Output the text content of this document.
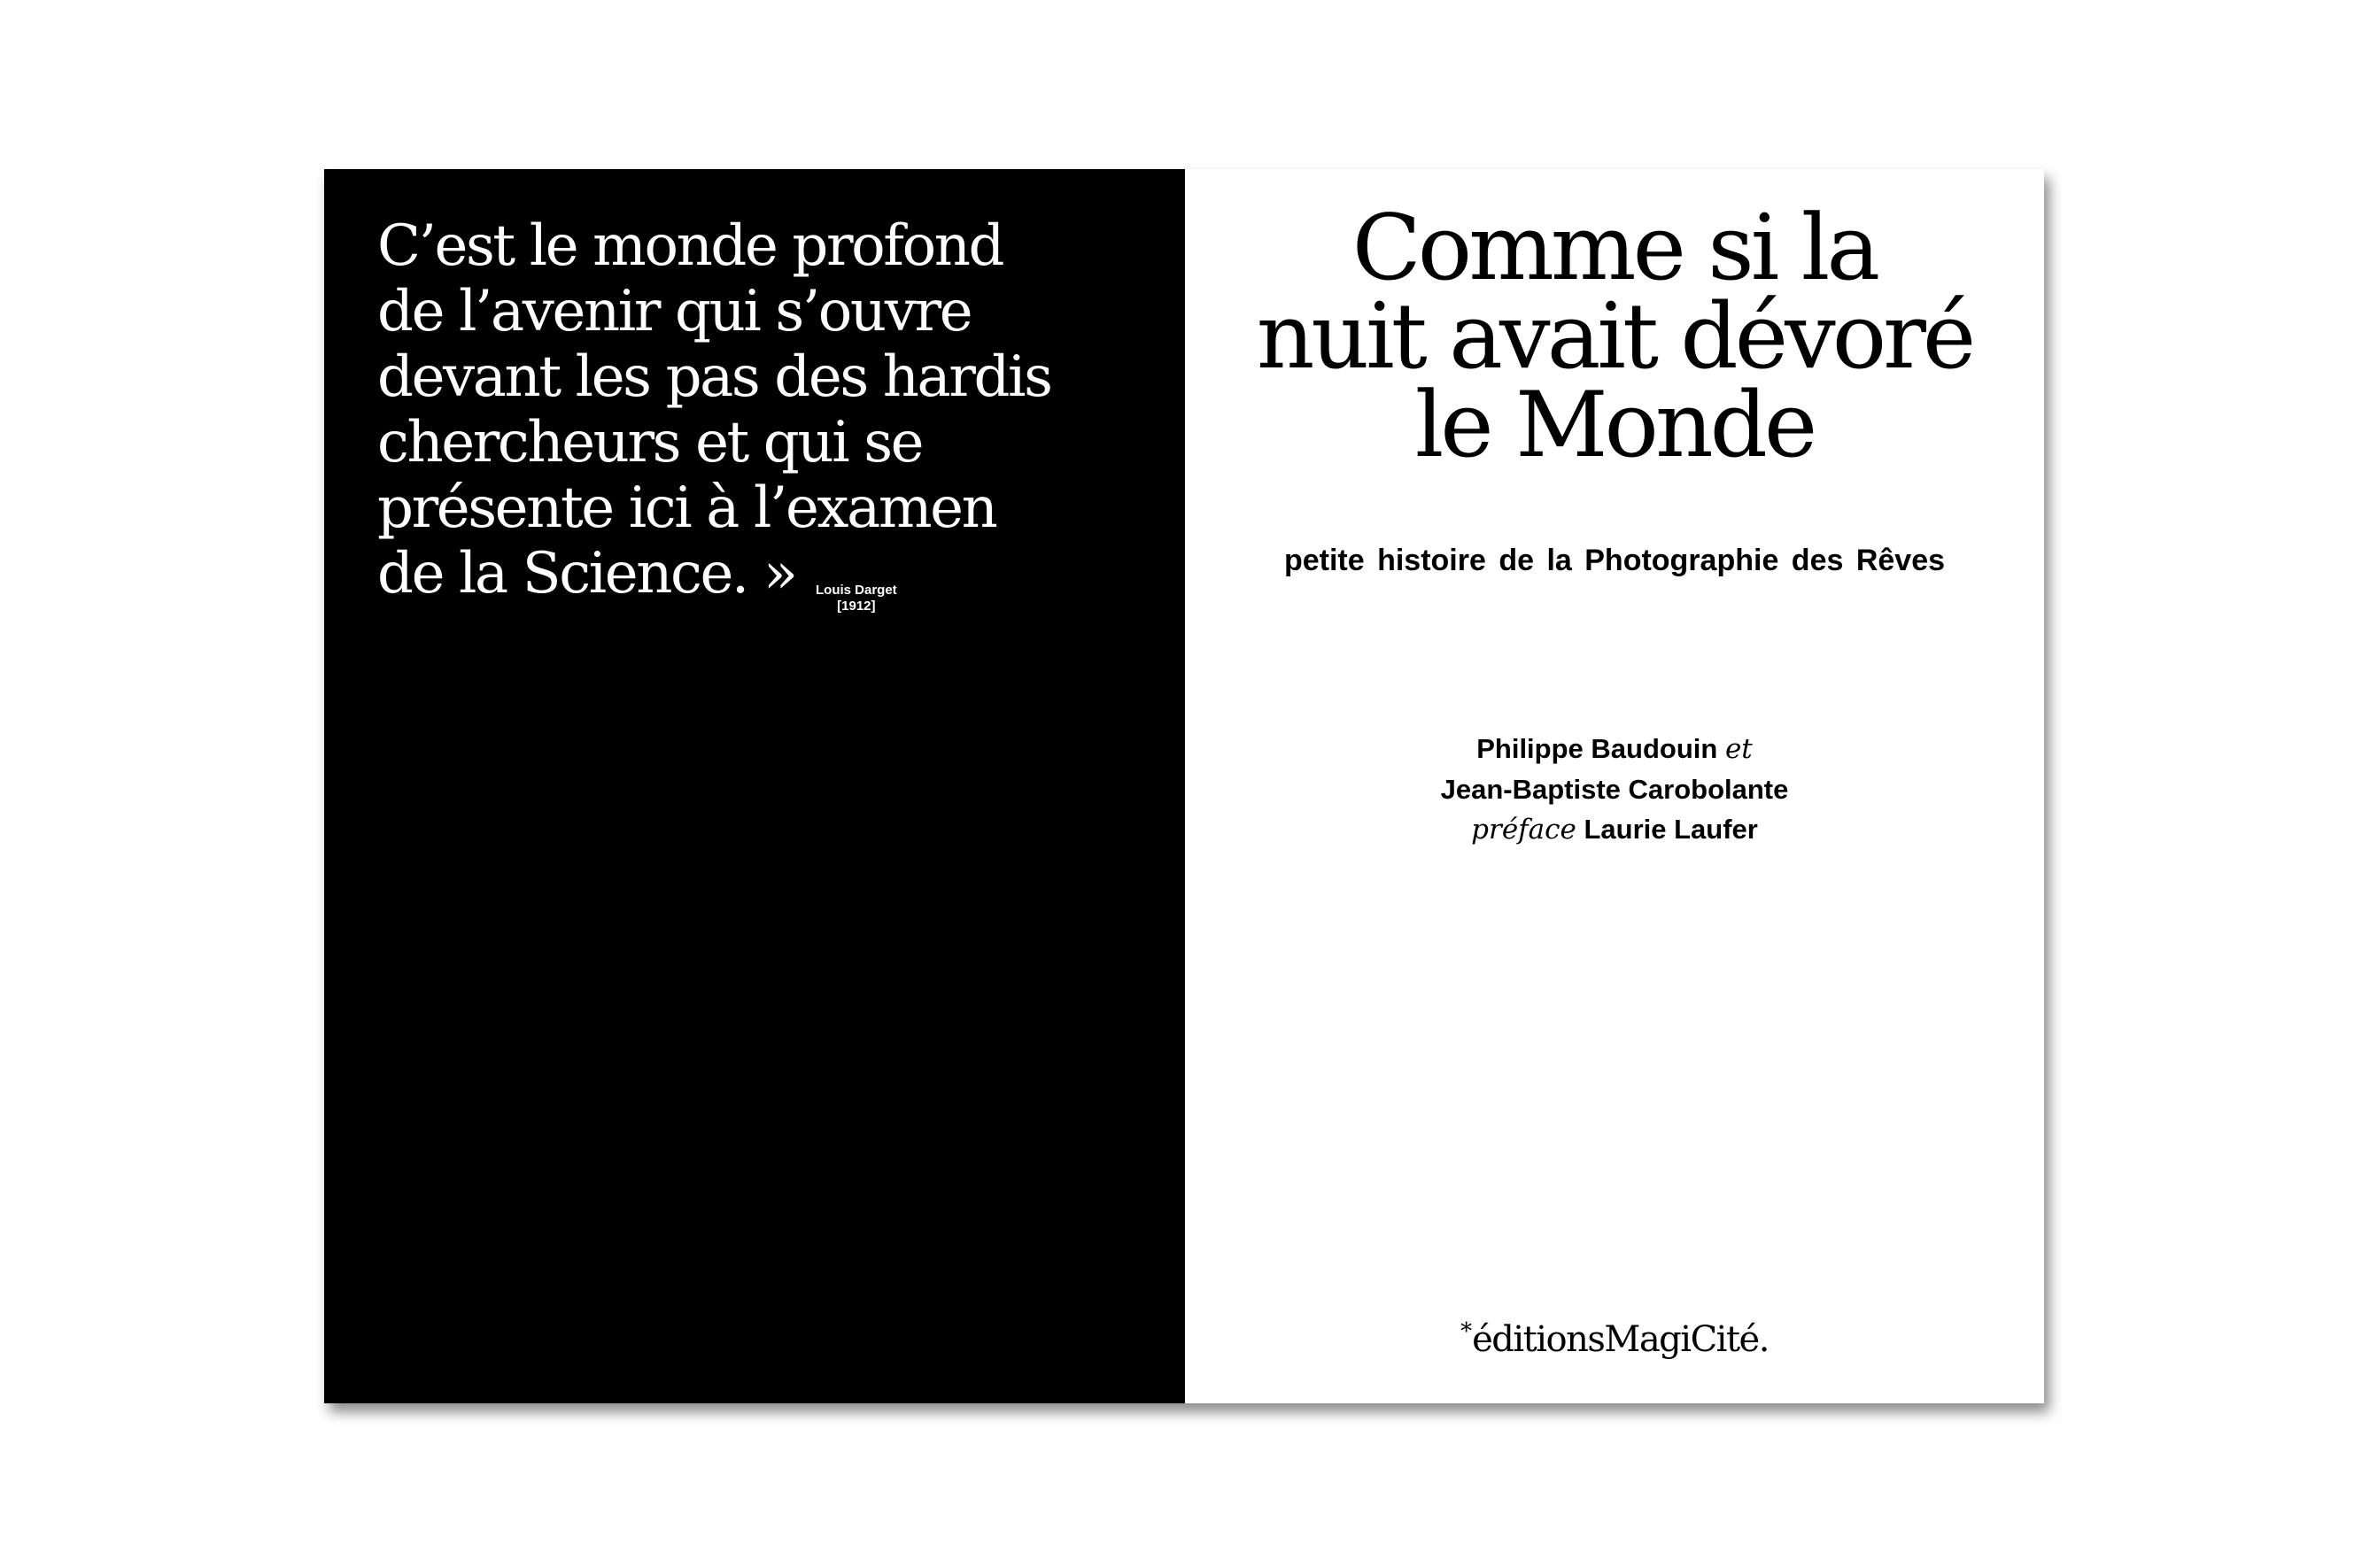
C’est le monde profond
de l’avenir qui s’ouvre
devant les pas des hardis
chercheurs et qui se
présente ici à l’examen
de la Science. »	Louis Darget
[1912]
Comme si la
nuit avait dévoré
le Monde
petite histoire de la Photographie des Rêves
Philippe Baudouin et
Jean-Baptiste Carobolante
préface Laurie Laufer
*éditionsMagiCité.
